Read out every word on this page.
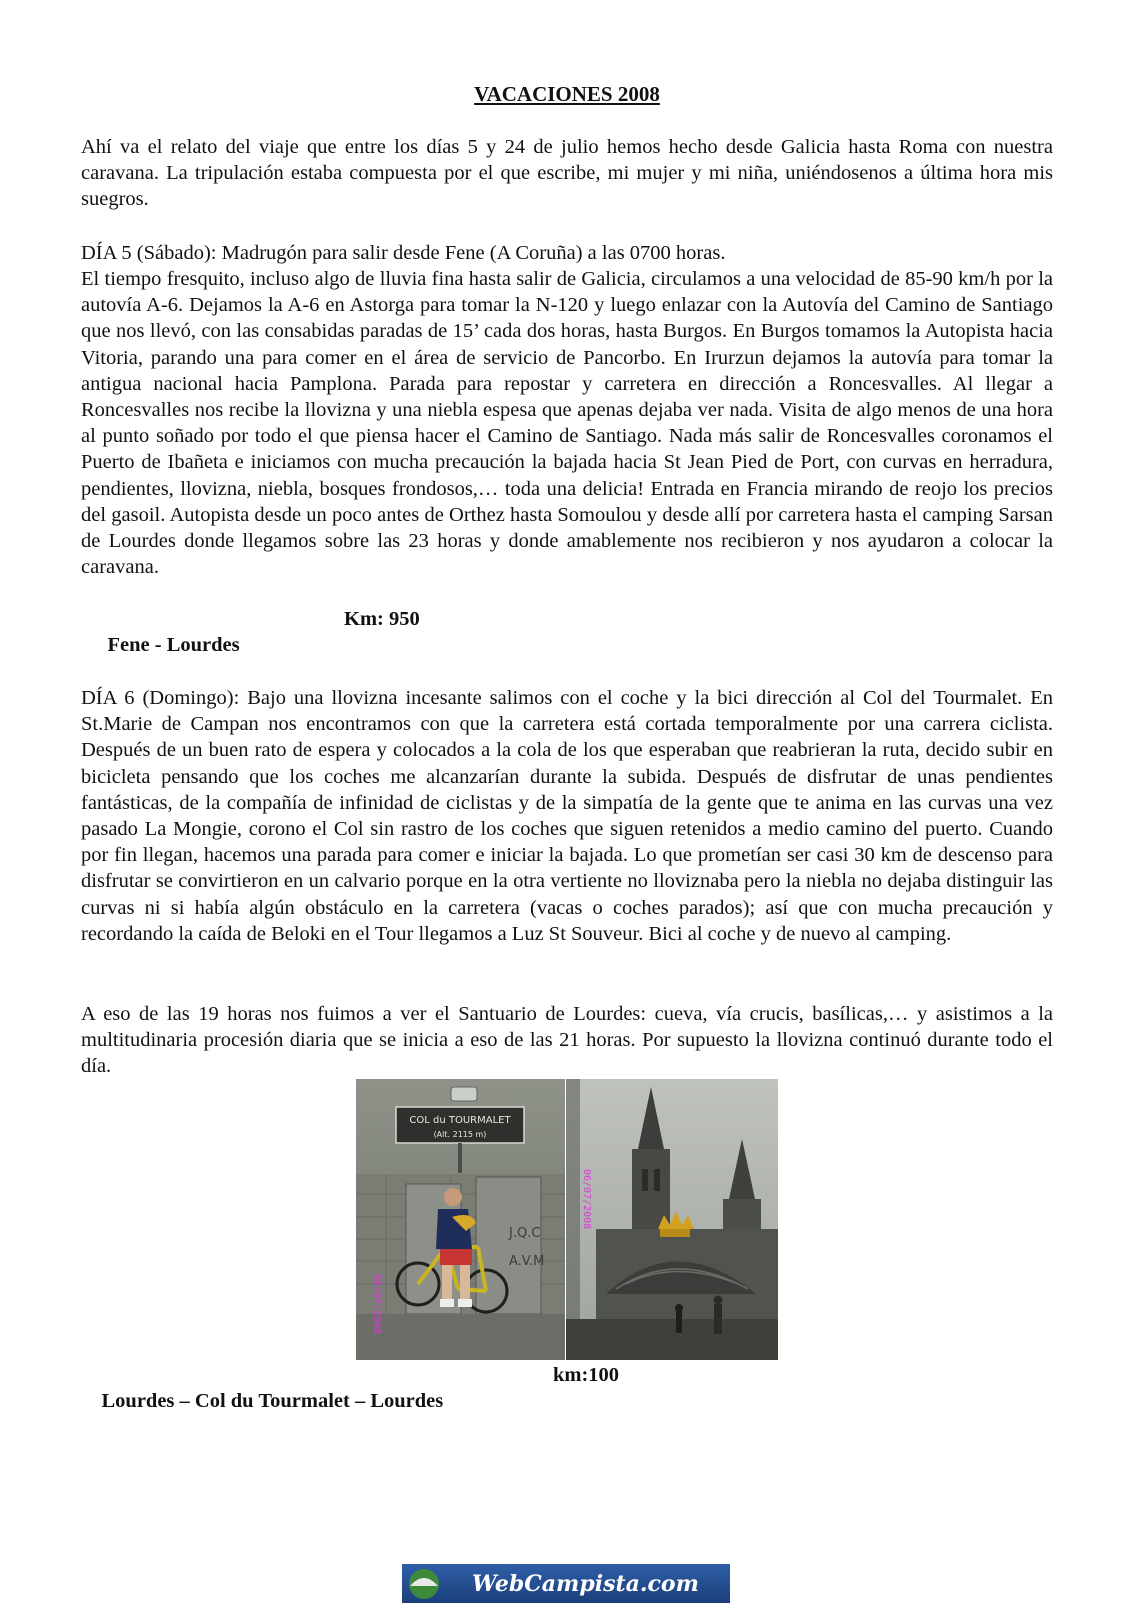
VACACIONES 2008

Ahí va el relato del viaje que entre los días 5 y 24 de julio hemos hecho desde Galicia hasta Roma con nuestra caravana. La tripulación estaba compuesta por el que escribe, mi mujer y mi niña, uniéndosenos a última hora mis suegros.

DÍA 5 (Sábado): Madrugón para salir desde Fene (A Coruña) a las 0700 horas.

El tiempo fresquito, incluso algo de lluvia fina hasta salir de Galicia, circulamos a una velocidad de 85-90 km/h por la autovía A-6. Dejamos la A-6 en Astorga para tomar la N-120 y luego enlazar con la Autovía del Camino de Santiago que nos llevó, con las consabidas paradas de 15’ cada dos horas, hasta Burgos. En Burgos tomamos la Autopista hacia Vitoria, parando una para comer en el área de servicio de Pancorbo. En Irurzun dejamos la autovía para tomar la antigua nacional hacia Pamplona. Parada para repostar y carretera en dirección a Roncesvalles. Al llegar a Roncesvalles nos recibe la llovizna y una niebla espesa que apenas dejaba ver nada. Visita de algo menos de una hora al punto soñado por todo el que piensa hacer el Camino de Santiago. Nada más salir de Roncesvalles coronamos el Puerto de Ibañeta e iniciamos con mucha precaución la bajada hacia St Jean Pied de Port, con curvas en herradura, pendientes, llovizna, niebla, bosques frondosos,… toda una delicia! Entrada en Francia mirando de reojo los precios del gasoil. Autopista desde un poco antes de Orthez hasta Somoulou y desde allí por carretera hasta el camping Sarsan de Lourdes donde llegamos sobre las 23 horas y donde amablemente nos recibieron y nos ayudaron a colocar la caravana.

Fene - Lourdes

Km: 950

DÍA 6 (Domingo): Bajo una llovizna incesante salimos con el coche y la bici dirección al Col del Tourmalet. En St.Marie de Campan nos encontramos con que la carretera está cortada temporalmente por una carrera ciclista. Después de un buen rato de espera y colocados a la cola de los que esperaban que reabrieran la ruta, decido subir en bicicleta pensando que los coches me alcanzarían durante la subida. Después de disfrutar de unas pendientes fantásticas, de la compañía de infinidad de ciclistas y de la simpatía de la gente que te anima en las curvas una vez pasado La Mongie, corono el Col sin rastro de los coches que siguen retenidos a medio camino del puerto. Cuando por fin llegan, hacemos una parada para comer e iniciar la bajada. Lo que prometían ser casi 30 km de descenso para disfrutar se convirtieron en un calvario porque en la otra vertiente no lloviznaba pero la niebla no dejaba distinguir las curvas ni si había algún obstáculo en la carretera (vacas o coches parados); así que con mucha precaución y recordando la caída de Beloki en el Tour llegamos a Luz St Souveur. Bici al coche y de nuevo al camping.

A eso de las 19 horas nos fuimos a ver el Santuario de Lourdes: cueva, vía crucis, basílicas,… y asistimos a la multitudinaria procesión diaria que se inicia a eso de las 21 horas. Por supuesto la llovizna continuó durante todo el día.

Lourdes – Col du Tourmalet – Lourdes

km:100

COL du TOURMALET
(Alt. 2115 m)
J.Q.C
A.V.M
06/07/2008
06/07/2008
WebCampista.com
